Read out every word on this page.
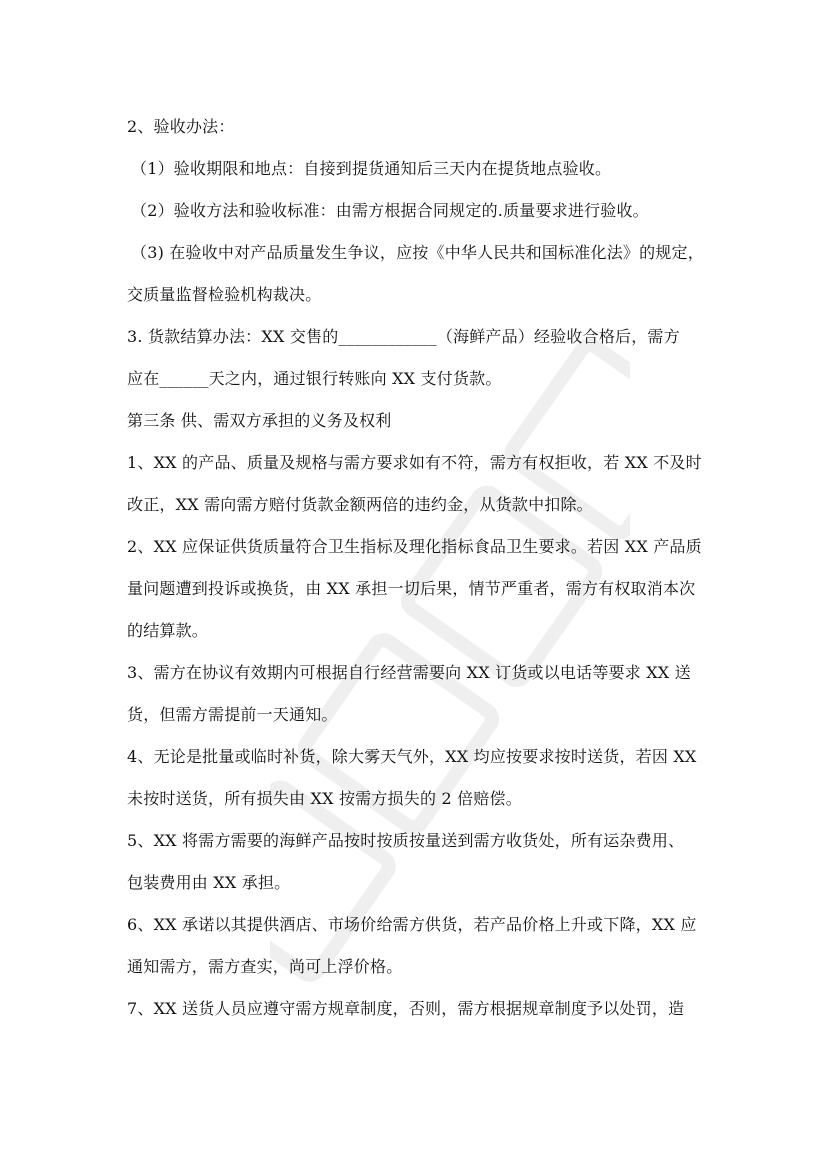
2、验收办法：
（1）验收期限和地点：自接到提货通知后三天内在提货地点验收。
（2）验收方法和验收标准：由需方根据合同规定的.质量要求进行验收。
（3) 在验收中对产品质量发生争议，应按《中华人民共和国标准化法》的规定，
交质量监督检验机构裁决。
3. 货款结算办法：XX 交售的____________（海鲜产品）经验收合格后，需方
应在______天之内，通过银行转账向 XX 支付货款。
第三条 供、需双方承担的义务及权利
1、XX 的产品、质量及规格与需方要求如有不符，需方有权拒收，若 XX 不及时
改正，XX 需向需方赔付货款金额两倍的违约金，从货款中扣除。
2、XX 应保证供货质量符合卫生指标及理化指标食品卫生要求。若因 XX 产品质
量问题遭到投诉或换货，由 XX 承担一切后果，情节严重者，需方有权取消本次
的结算款。
3、需方在协议有效期内可根据自行经营需要向 XX 订货或以电话等要求 XX 送
货，但需方需提前一天通知。
4、无论是批量或临时补货，除大雾天气外，XX 均应按要求按时送货，若因 XX
未按时送货，所有损失由 XX 按需方损失的 2 倍赔偿。
5、XX 将需方需要的海鲜产品按时按质按量送到需方收货处，所有运杂费用、
包装费用由 XX 承担。
6、XX 承诺以其提供酒店、市场价给需方供货，若产品价格上升或下降，XX 应
通知需方，需方查实，尚可上浮价格。
7、XX 送货人员应遵守需方规章制度，否则，需方根据规章制度予以处罚，造
